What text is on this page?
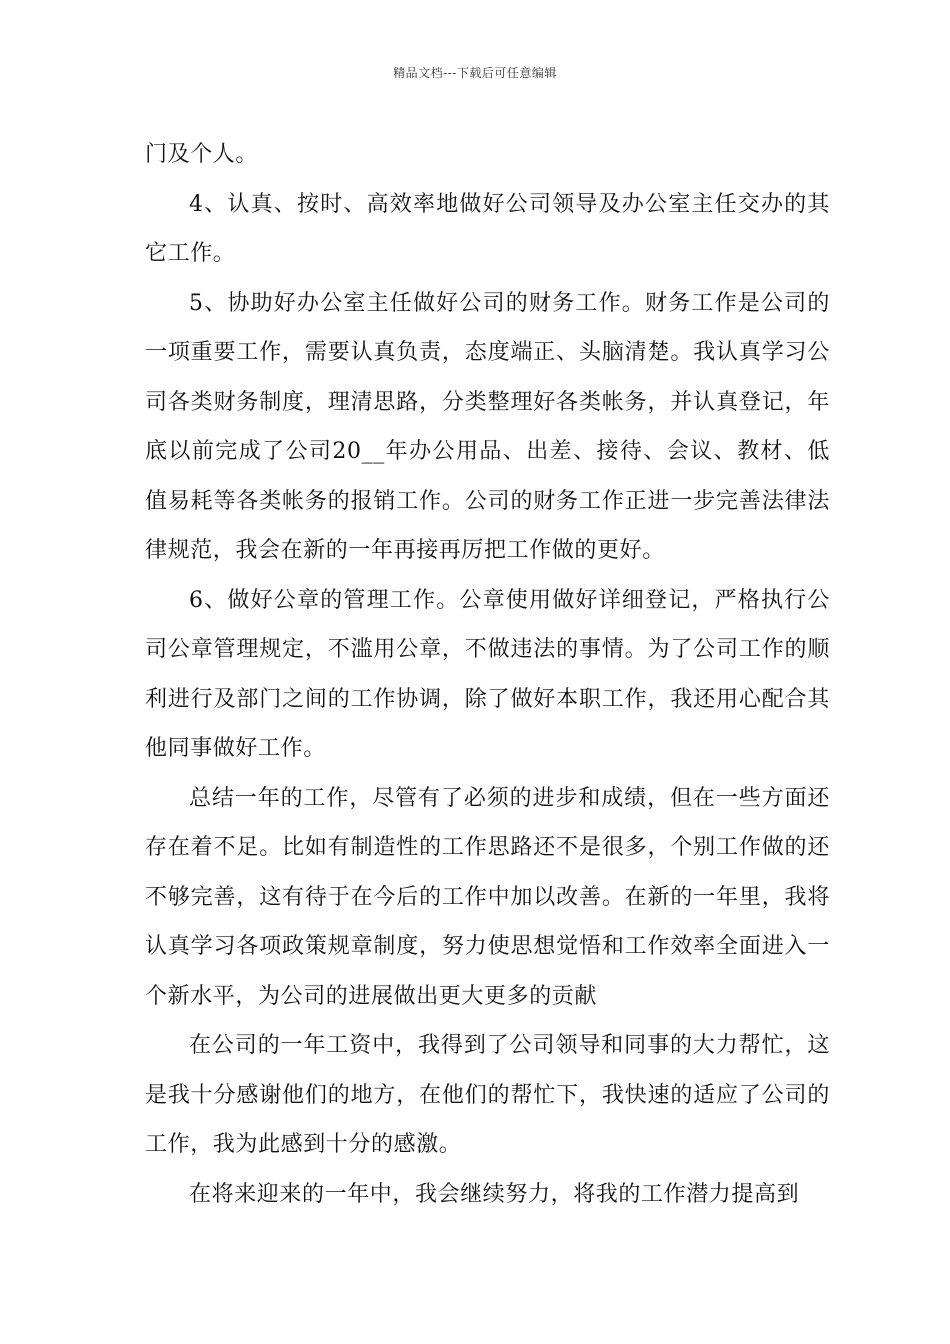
精品文档---下载后可任意编辑

门及个人。

4、认真、按时、高效率地做好公司领导及办公室主任交办的其它工作。

5、协助好办公室主任做好公司的财务工作。财务工作是公司的一项重要工作，需要认真负责，态度端正、头脑清楚。我认真学习公司各类财务制度，理清思路，分类整理好各类帐务，并认真登记，年底以前完成了公司20__年办公用品、出差、接待、会议、教材、低值易耗等各类帐务的报销工作。公司的财务工作正进一步完善法律法律规范，我会在新的一年再接再厉把工作做的更好。

6、做好公章的管理工作。公章使用做好详细登记，严格执行公司公章管理规定，不滥用公章，不做违法的事情。为了公司工作的顺利进行及部门之间的工作协调，除了做好本职工作，我还用心配合其他同事做好工作。

总结一年的工作，尽管有了必须的进步和成绩，但在一些方面还存在着不足。比如有制造性的工作思路还不是很多，个别工作做的还不够完善，这有待于在今后的工作中加以改善。在新的一年里，我将认真学习各项政策规章制度，努力使思想觉悟和工作效率全面进入一个新水平，为公司的进展做出更大更多的贡献

在公司的一年工资中，我得到了公司领导和同事的大力帮忙，这是我十分感谢他们的地方，在他们的帮忙下，我快速的适应了公司的工作，我为此感到十分的感激。

在将来迎来的一年中，我会继续努力，将我的工作潜力提高到
